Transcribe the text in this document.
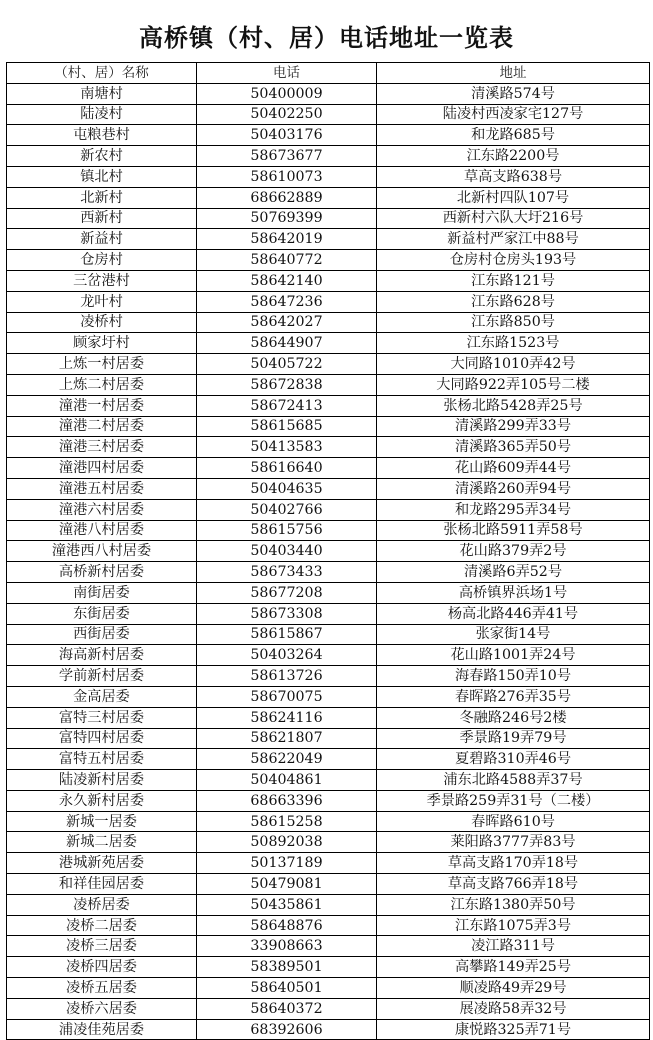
高桥镇（村、居）电话地址一览表
（村、居）名称	电话	地址
南塘村	50400009	清溪路574号
陆凌村	50402250	陆凌村西凌家宅127号
屯粮巷村	50403176	和龙路685号
新农村	58673677	江东路2200号
镇北村	58610073	草高支路638号
北新村	68662889	北新村四队107号
西新村	50769399	西新村六队大圩216号
新益村	58642019	新益村严家江中88号
仓房村	58640772	仓房村仓房头193号
三岔港村	58642140	江东路121号
龙叶村	58647236	江东路628号
凌桥村	58642027	江东路850号
顾家圩村	58644907	江东路1523号
上炼一村居委	50405722	大同路1010弄42号
上炼二村居委	58672838	大同路922弄105号二楼
潼港一村居委	58672413	张杨北路5428弄25号
潼港二村居委	58615685	清溪路299弄33号
潼港三村居委	50413583	清溪路365弄50号
潼港四村居委	58616640	花山路609弄44号
潼港五村居委	50404635	清溪路260弄94号
潼港六村居委	50402766	和龙路295弄34号
潼港八村居委	58615756	张杨北路5911弄58号
潼港西八村居委	50403440	花山路379弄2号
高桥新村居委	58673433	清溪路6弄52号
南街居委	58677208	高桥镇界浜场1号
东街居委	58673308	杨高北路446弄41号
西街居委	58615867	张家街14号
海高新村居委	50403264	花山路1001弄24号
学前新村居委	58613726	海春路150弄10号
金高居委	58670075	春晖路276弄35号
富特三村居委	58624116	冬融路246号2楼
富特四村居委	58621807	季景路19弄79号
富特五村居委	58622049	夏碧路310弄46号
陆凌新村居委	50404861	浦东北路4588弄37号
永久新村居委	68663396	季景路259弄31号（二楼）
新城一居委	58615258	春晖路610号
新城二居委	50892038	莱阳路3777弄83号
港城新苑居委	50137189	草高支路170弄18号
和祥佳园居委	50479081	草高支路766弄18号
凌桥居委	50435861	江东路1380弄50号
凌桥二居委	58648876	江东路1075弄3号
凌桥三居委	33908663	凌江路311号
凌桥四居委	58389501	高攀路149弄25号
凌桥五居委	58640501	顺凌路49弄29号
凌桥六居委	58640372	展凌路58弄32号
浦凌佳苑居委	68392606	康悦路325弄71号
